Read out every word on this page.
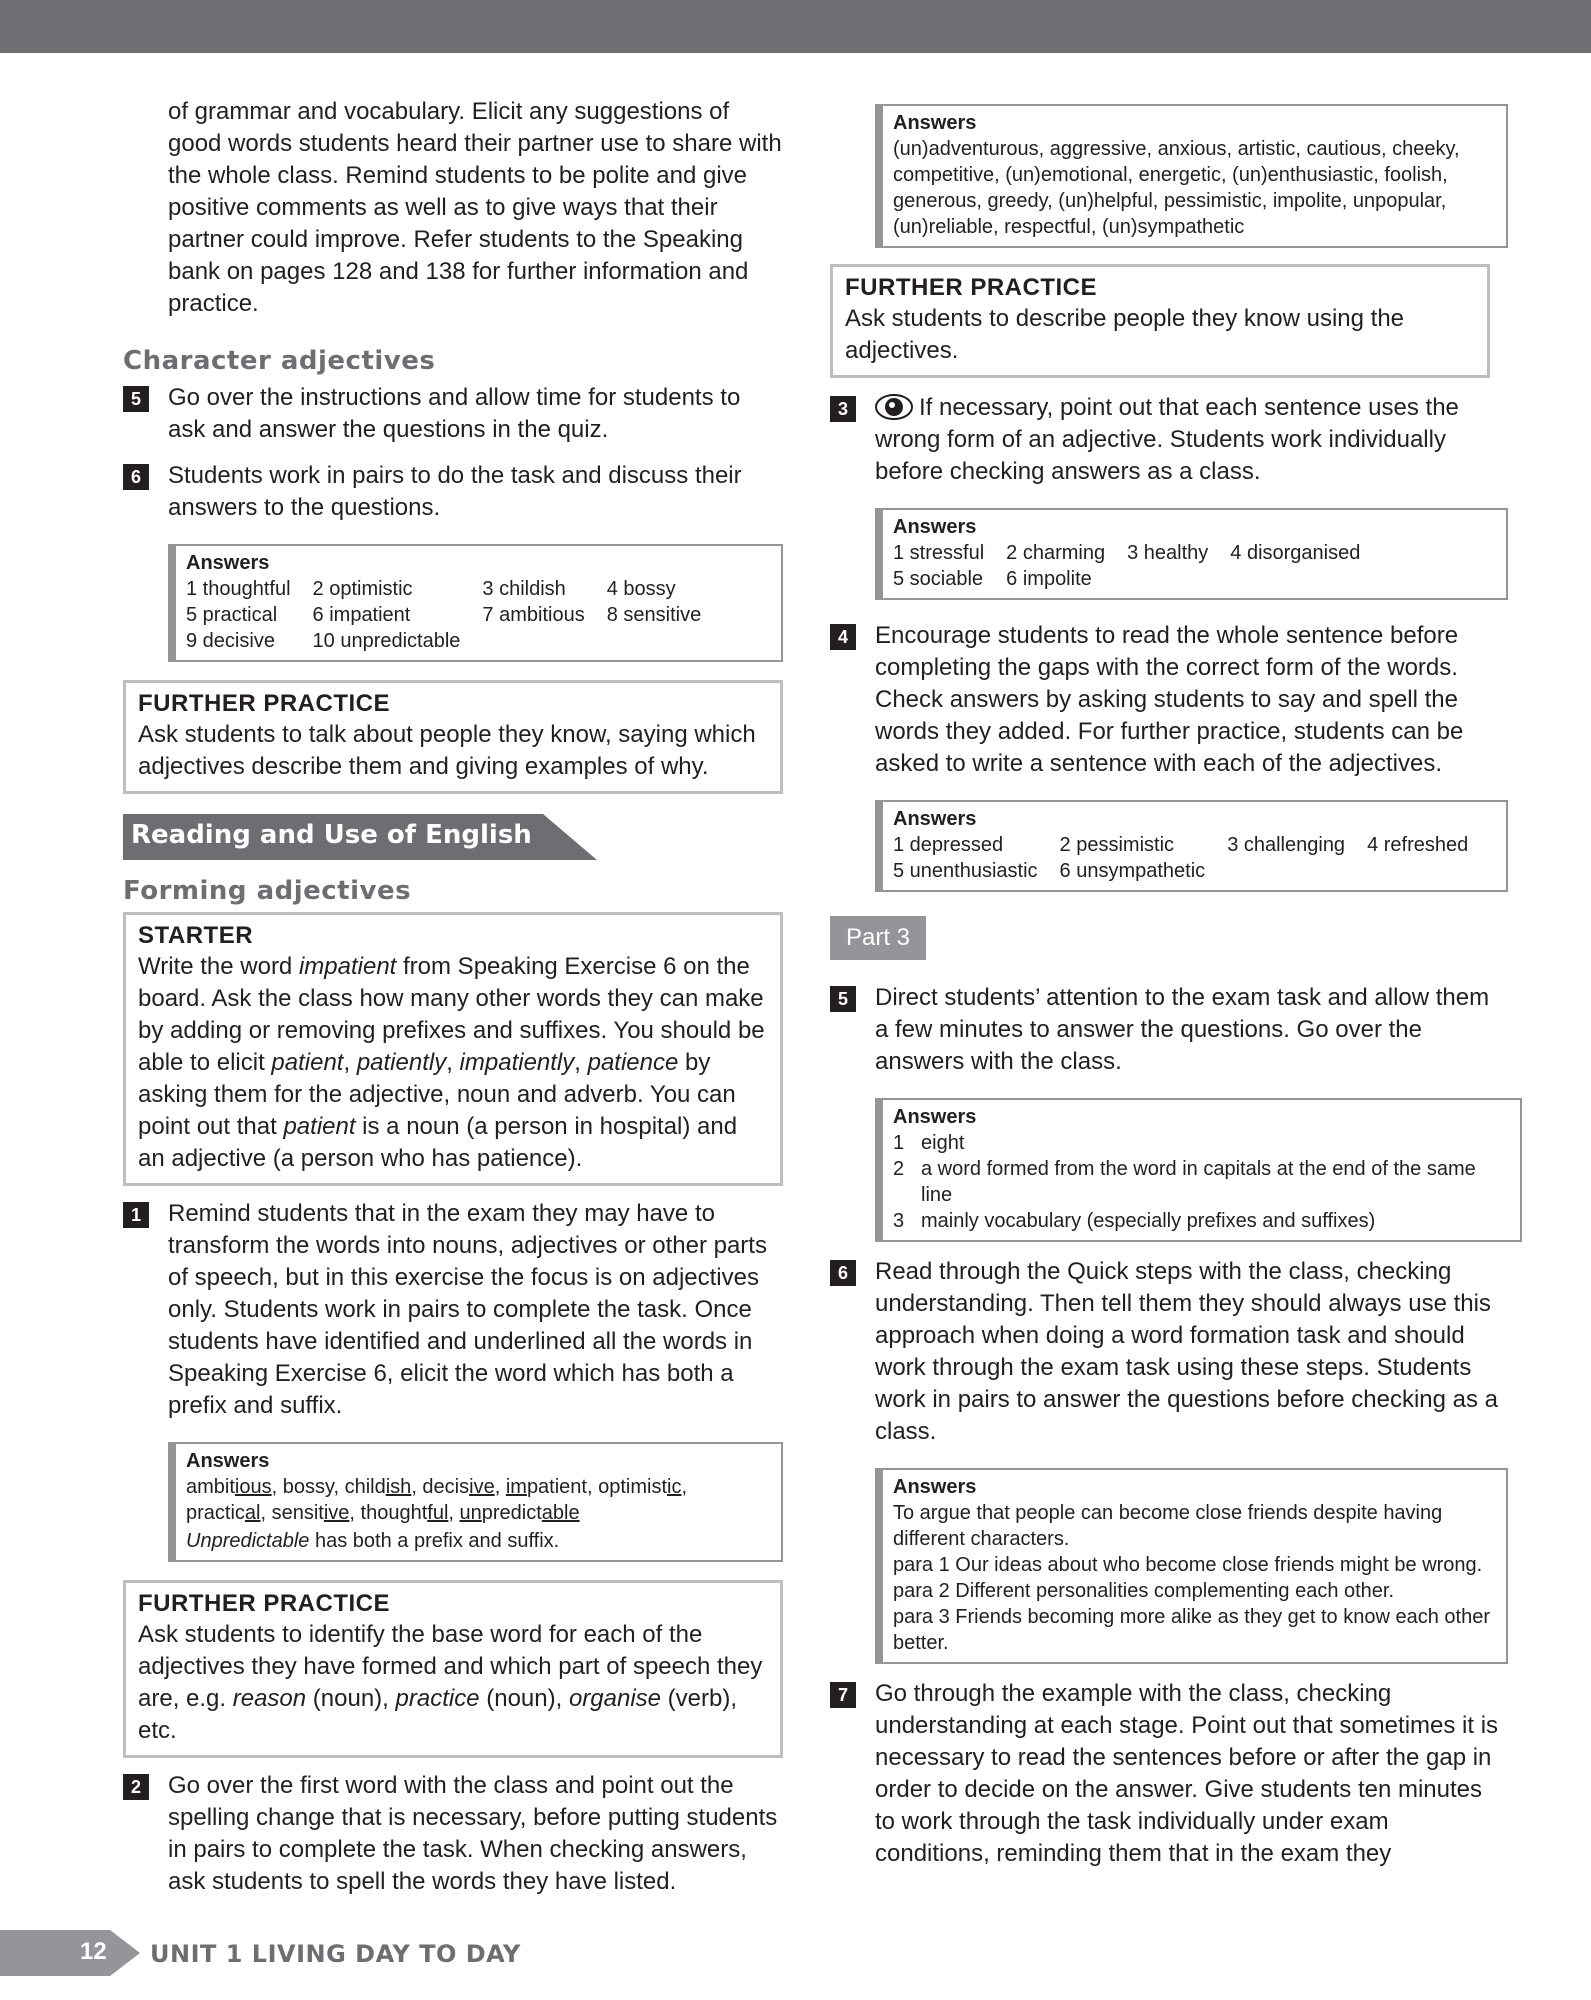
of grammar and vocabulary. Elicit any suggestions of good words students heard their partner use to share with the whole class. Remind students to be polite and give positive comments as well as to give ways that their partner could improve. Refer students to the Speaking bank on pages 128 and 138 for further information and practice.

Character adjectives

5	Go over the instructions and allow time for students to ask and answer the questions in the quiz.

6	Students work in pairs to do the task and discuss their answers to the questions.

Answers
1 thoughtful	2 optimistic	3 childish	4 bossy
5 practical	6 impatient	7 ambitious	8 sensitive
9 decisive	10 unpredictable		
FURTHER PRACTICE
Ask students to talk about people they know, saying which adjectives describe them and giving examples of why.
Reading and Use of English

Forming adjectives

STARTER
Write the word impatient from Speaking Exercise 6 on the board. Ask the class how many other words they can make by adding or removing prefixes and suffixes. You should be able to elicit patient, patiently, impatiently, patience by asking them for the adjective, noun and adverb. You can point out that patient is a noun (a person in hospital) and an adjective (a person who has patience).
1	Remind students that in the exam they may have to transform the words into nouns, adjectives or other parts of speech, but in this exercise the focus is on adjectives only. Students work in pairs to complete the task. Once students have identified and underlined all the words in Speaking Exercise 6, elicit the word which has both a prefix and suffix.

Answers
ambitious, bossy, childish, decisive, impatient, optimistic, practical, sensitive, thoughtful, unpredictable
Unpredictable has both a prefix and suffix.
FURTHER PRACTICE
Ask students to identify the base word for each of the adjectives they have formed and which part of speech they are, e.g. reason (noun), practice (noun), organise (verb), etc.
2	Go over the first word with the class and point out the spelling change that is necessary, before putting students in pairs to complete the task. When checking answers, ask students to spell the words they have listed.

Answers
(un)adventurous, aggressive, anxious, artistic, cautious, cheeky, competitive, (un)emotional, energetic, (un)enthusiastic, foolish, generous, greedy, (un)helpful, pessimistic, impolite, unpopular, (un)reliable, respectful, (un)sympathetic
FURTHER PRACTICE
Ask students to describe people they know using the adjectives.
3	If necessary, point out that each sentence uses the wrong form of an adjective. Students work individually before checking answers as a class.

Answers
1 stressful	2 charming	3 healthy	4 disorganised
5 sociable	6 impolite		
4	Encourage students to read the whole sentence before completing the gaps with the correct form of the words. Check answers by asking students to say and spell the words they added. For further practice, students can be asked to write a sentence with each of the adjectives.

Answers
1 depressed	2 pessimistic	3 challenging	4 refreshed
5 unenthusiastic	6 unsympathetic		
Part 3
5	Direct students’ attention to the exam task and allow them a few minutes to answer the questions. Go over the answers with the class.

Answers
1 eight
2 a word formed from the word in capitals at the end of the same line
3 mainly vocabulary (especially prefixes and suffixes)
6	Read through the Quick steps with the class, checking understanding. Then tell them they should always use this approach when doing a word formation task and should work through the exam task using these steps. Students work in pairs to answer the questions before checking as a class.

Answers
To argue that people can become close friends despite having different characters.
para 1 Our ideas about who become close friends might be wrong.
para 2 Different personalities complementing each other.
para 3 Friends becoming more alike as they get to know each other better.
7	Go through the example with the class, checking understanding at each stage. Point out that sometimes it is necessary to read the sentences before or after the gap in order to decide on the answer. Give students ten minutes to work through the task individually under exam conditions, reminding them that in the exam they

12 UNIT 1 LIVING DAY TO DAY
